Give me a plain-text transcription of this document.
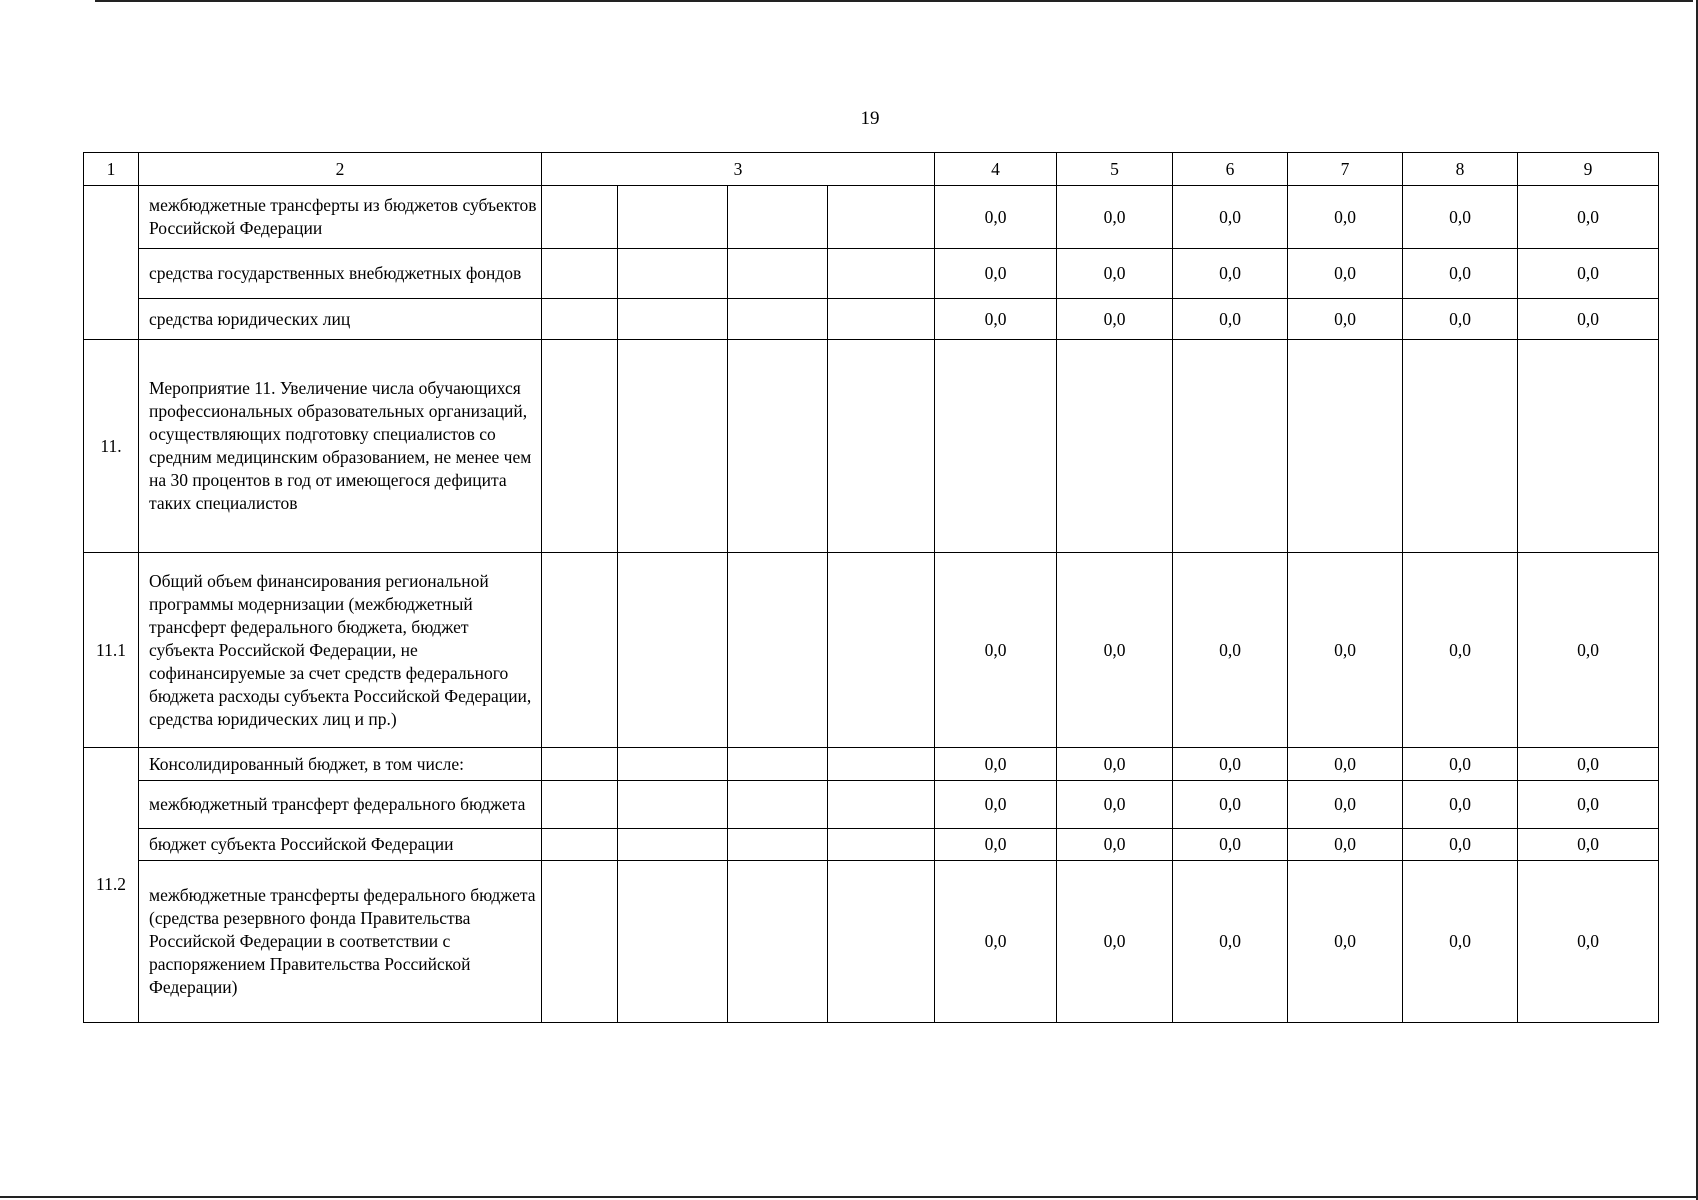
19
1	2	3				4	5	6	7	8	9
	межбюджетные трансферты из бюджетов субъектов Российской Федерации					0,0	0,0	0,0	0,0	0,0	0,0
	средства государственных внебюджетных фондов					0,0	0,0	0,0	0,0	0,0	0,0
	средства юридических лиц					0,0	0,0	0,0	0,0	0,0	0,0
11.	Мероприятие 11. Увеличение числа обучающихся профессиональных образовательных организаций, осуществляющих подготовку специалистов со средним медицинским образованием, не менее чем на 30 процентов в год от имеющегося дефицита таких специалистов										
11.1	Общий объем финансирования региональной программы модернизации (межбюджетный трансферт федерального бюджета, бюджет субъекта Российской Федерации, не софинансируемые за счет средств федерального бюджета расходы субъекта Российской Федерации, средства юридических лиц и пр.)					0,0	0,0	0,0	0,0	0,0	0,0
11.2	Консолидированный бюджет, в том числе:					0,0	0,0	0,0	0,0	0,0	0,0
	межбюджетный трансферт федерального бюджета					0,0	0,0	0,0	0,0	0,0	0,0
	бюджет субъекта Российской Федерации					0,0	0,0	0,0	0,0	0,0	0,0
	межбюджетные трансферты федерального бюджета (средства резервного фонда Правительства Российской Федерации в соответствии с распоряжением Правительства Российской Федерации)					0,0	0,0	0,0	0,0	0,0	0,0
